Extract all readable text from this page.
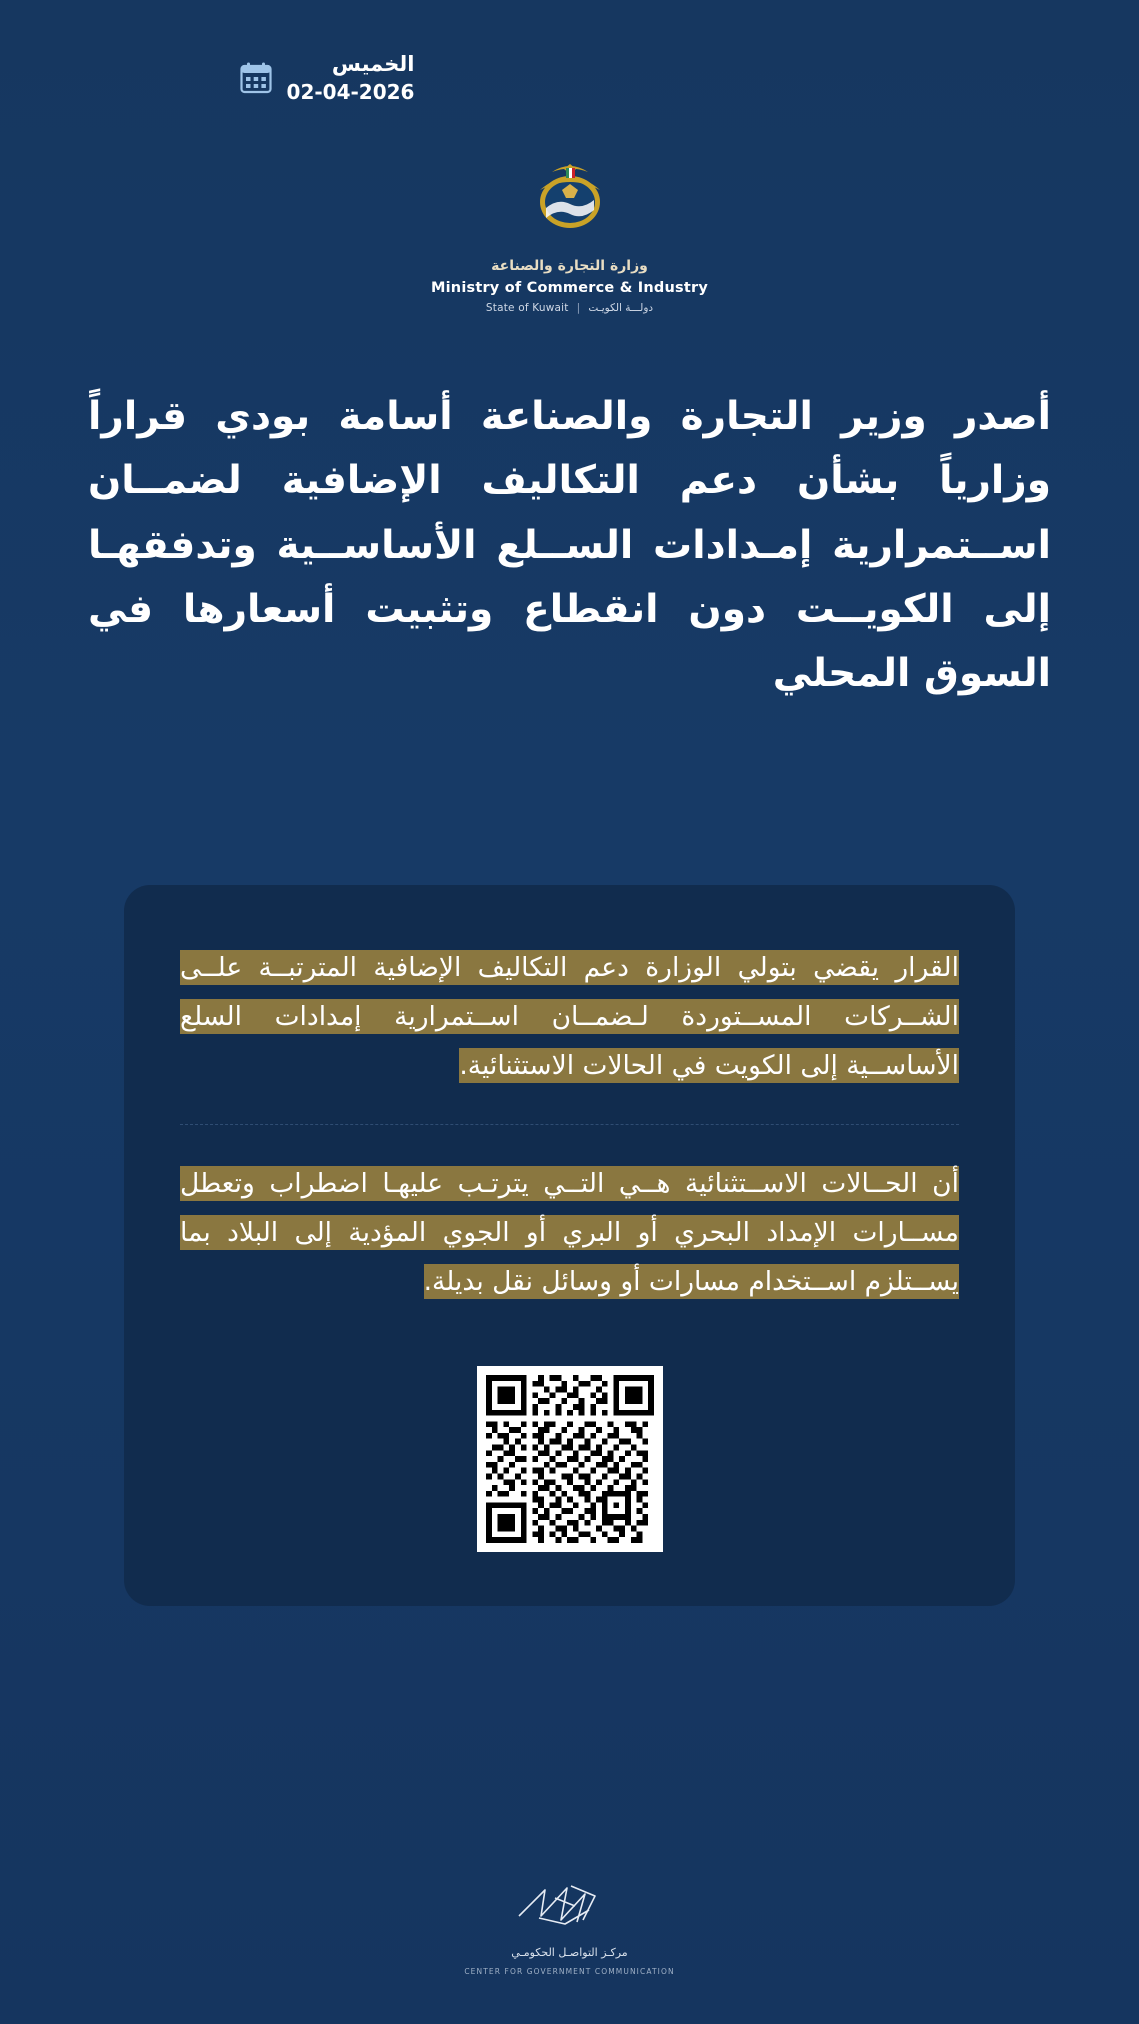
الخميس
02-04-2026
وزارة التجارة والصناعة
Ministry of Commerce & Industry
State of Kuwait | دولـــة الكويـت
أصدر وزير التجارة والصناعة أسامة بودي قراراً وزارياً بشأن دعم التكاليف الإضافية لضمــان اســتمرارية إمـدادات الســلع الأساســية وتدفقهـا إلى الكويــت دون انقطاع وتثبيت أسعارها في السوق المحلي
القرار يقضي بتولي الوزارة دعم التكاليف الإضافية المترتبــة علــى الشــركات المســتوردة لـضمــان اســتمرارية إمدادات السلع الأساســية إلى الكويت في الحالات الاستثنائية.
أن الحــالات الاســتثنائية هــي التــي يترتـب عليهـا اضطراب وتعطل مســارات الإمداد البحري أو البري أو الجوي المؤدية إلى البلاد بما يســتلزم اســتخدام مسارات أو وسائل نقل بديلة.
مركـز التواصـل الحكومـي
CENTER FOR GOVERNMENT COMMUNICATION
